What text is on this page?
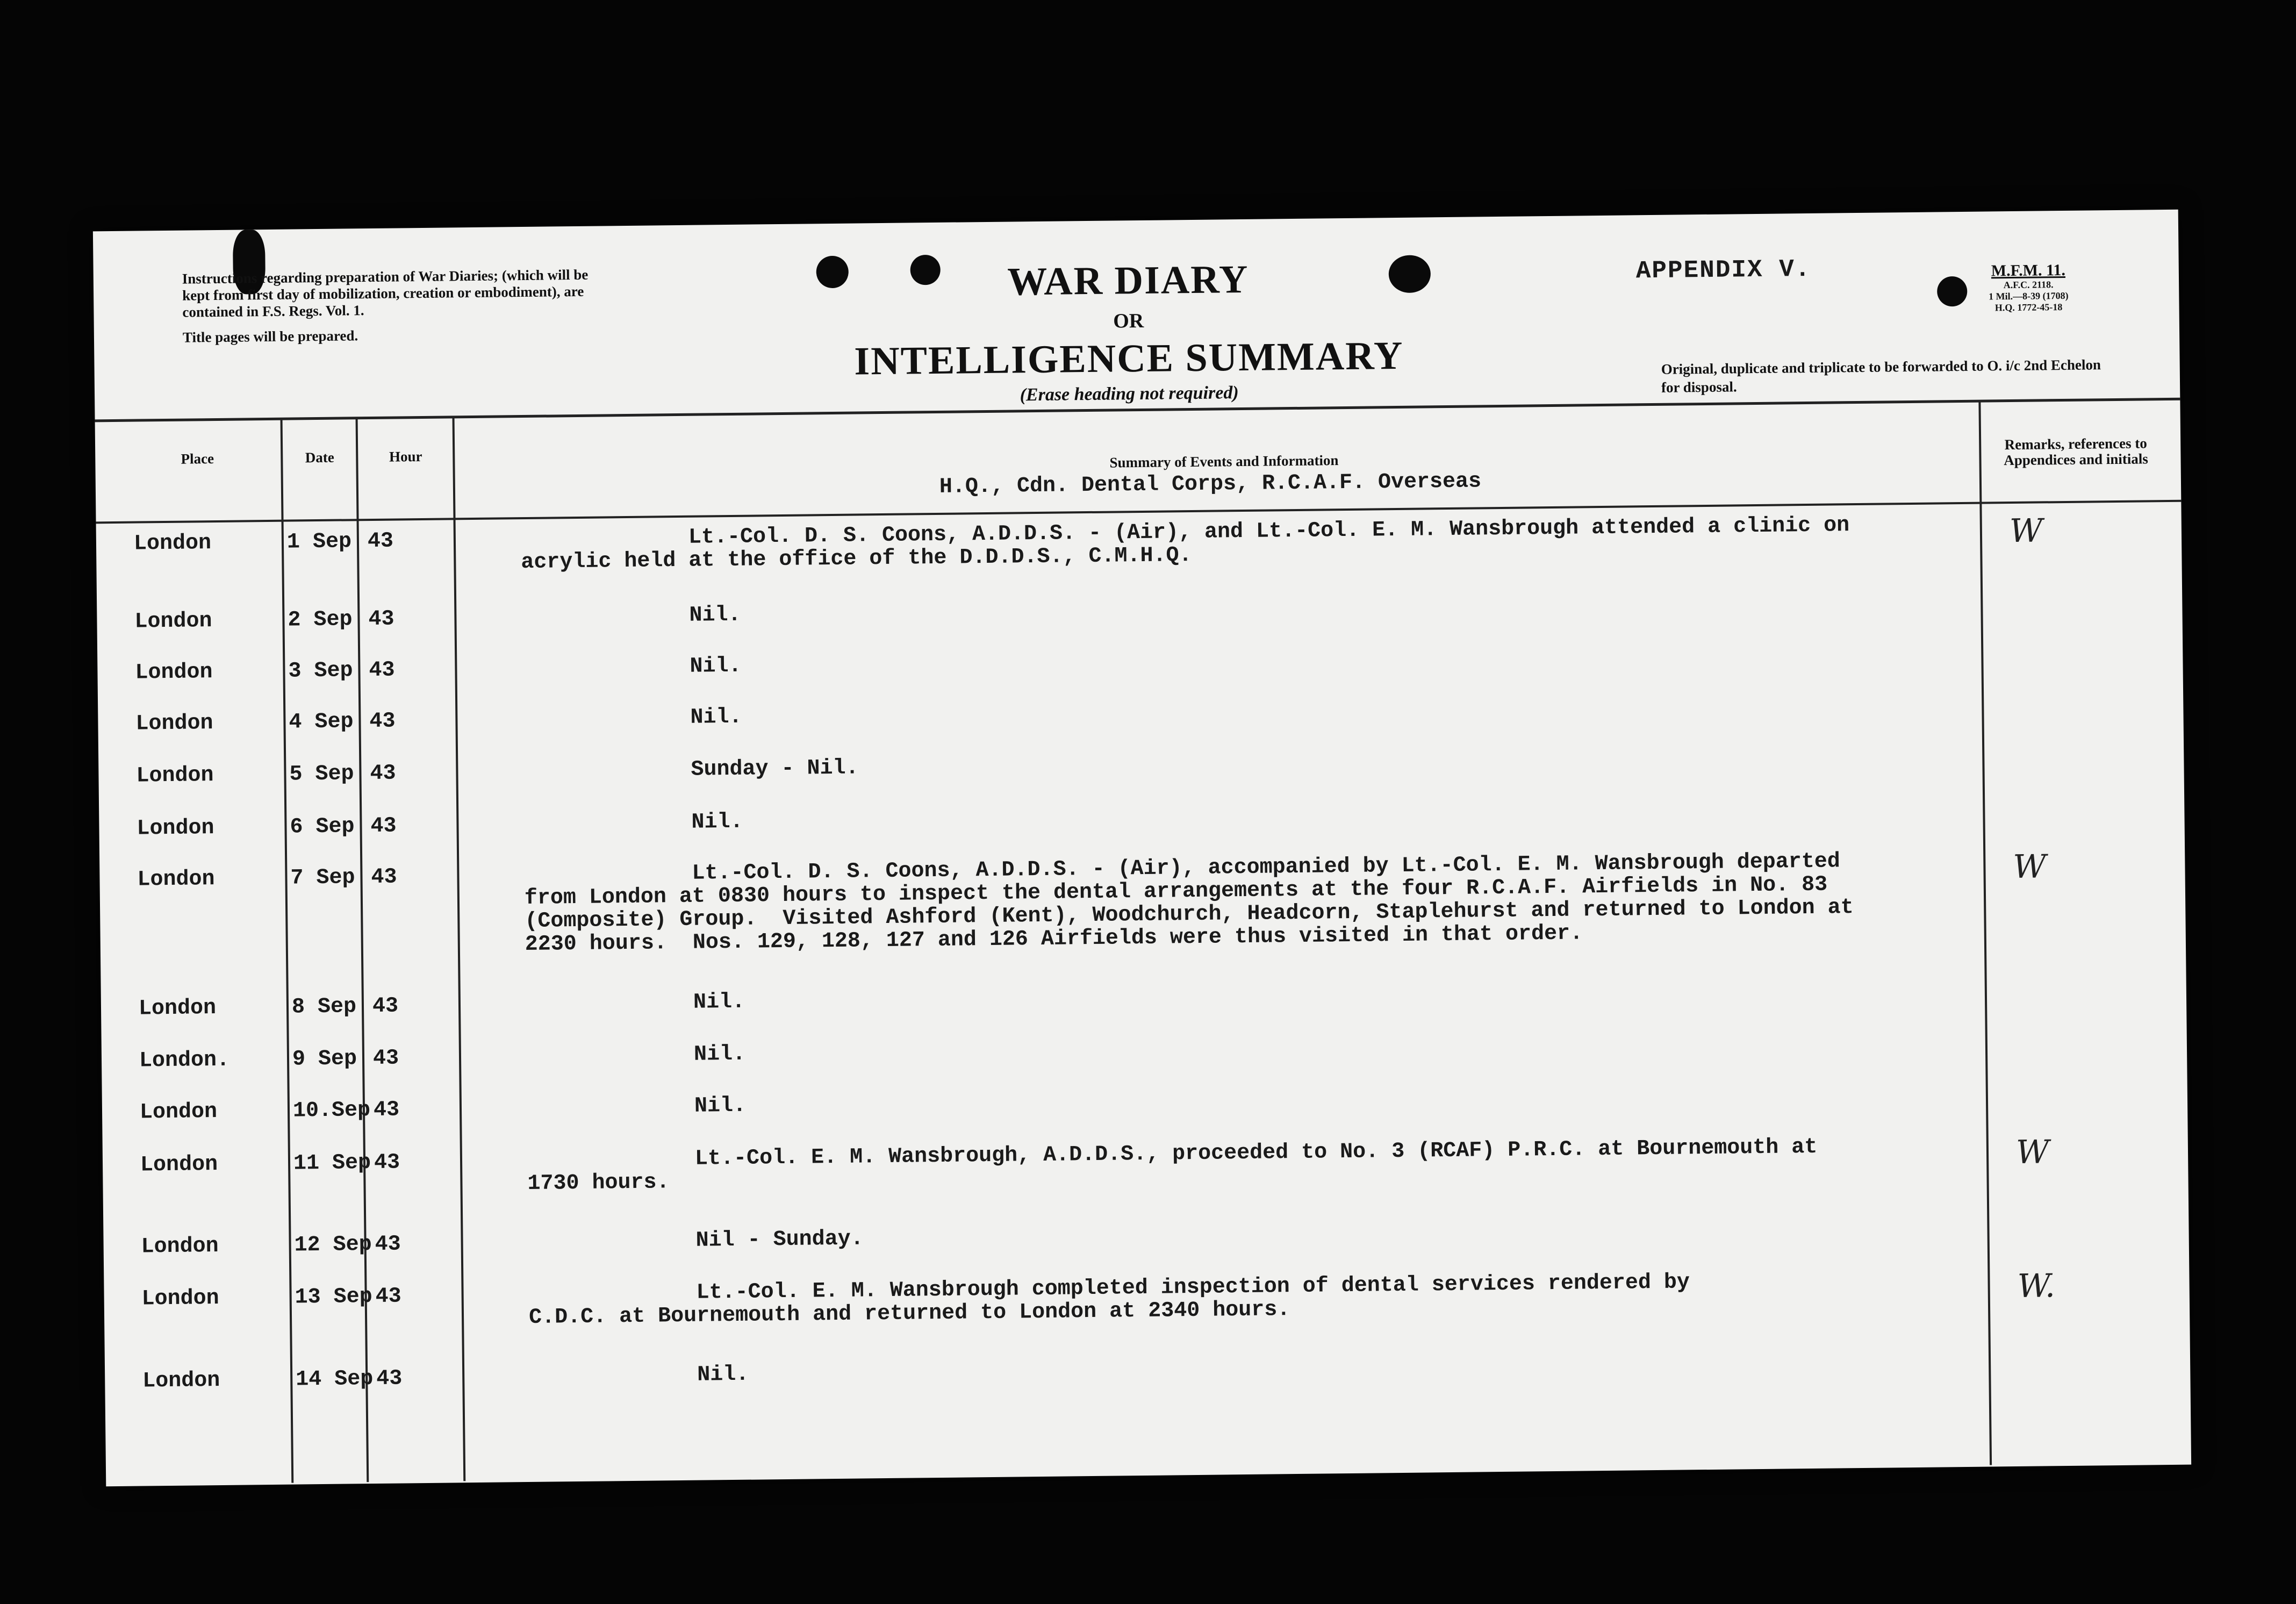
Instructions regarding preparation of War Diaries; (which will be kept from first day of mobilization, creation or embodiment), are contained in F.S. Regs. Vol. 1.
Title pages will be prepared.
WAR DIARY
OR
INTELLIGENCE SUMMARY
(Erase heading not required)
APPENDIX V.	M.F.M. 11.
A.F.C. 2118.
1 Mil.—8-39 (1708)
H.Q. 1772-45-18
Original, duplicate and triplicate to be forwarded to O. i/c 2nd Echelon for disposal.
Place	Date	Hour	Summary of Events and Information
H.Q., Cdn. Dental Corps, R.C.A.F. Overseas
Remarks, references to Appendices and initials
London	1 Sep 43	Lt.-Col. D. S. Coons, A.D.D.S. - (Air), and Lt.-Col. E. M. Wansbrough attended a clinic on
acrylic held at the office of the D.D.D.S., C.M.H.Q.
W
London	2 Sep 43	Nil.
London	3 Sep 43	Nil.
London	4 Sep 43	Nil.
London	5 Sep 43	Sunday - Nil.
London	6 Sep 43	Nil.
London	7 Sep 43	Lt.-Col. D. S. Coons, A.D.D.S. - (Air), accompanied by Lt.-Col. E. M. Wansbrough departed
from London at 0830 hours to inspect the dental arrangements at the four R.C.A.F. Airfields in No. 83
(Composite) Group.  Visited Ashford (Kent), Woodchurch, Headcorn, Staplehurst and returned to London at
2230 hours.  Nos. 129, 128, 127 and 126 Airfields were thus visited in that order.
W
London	8 Sep 43	Nil.
London.	9 Sep 43	Nil.
London	10.Sep 43	Nil.
London	11 Sep 43	Lt.-Col. E. M. Wansbrough, A.D.D.S., proceeded to No. 3 (RCAF) P.R.C. at Bournemouth at
1730 hours.
W
London	12 Sep 43	Nil - Sunday.
London	13 Sep 43	Lt.-Col. E. M. Wansbrough completed inspection of dental services rendered by
C.D.C. at Bournemouth and returned to London at 2340 hours.
W.
London	14 Sep 43	Nil.
